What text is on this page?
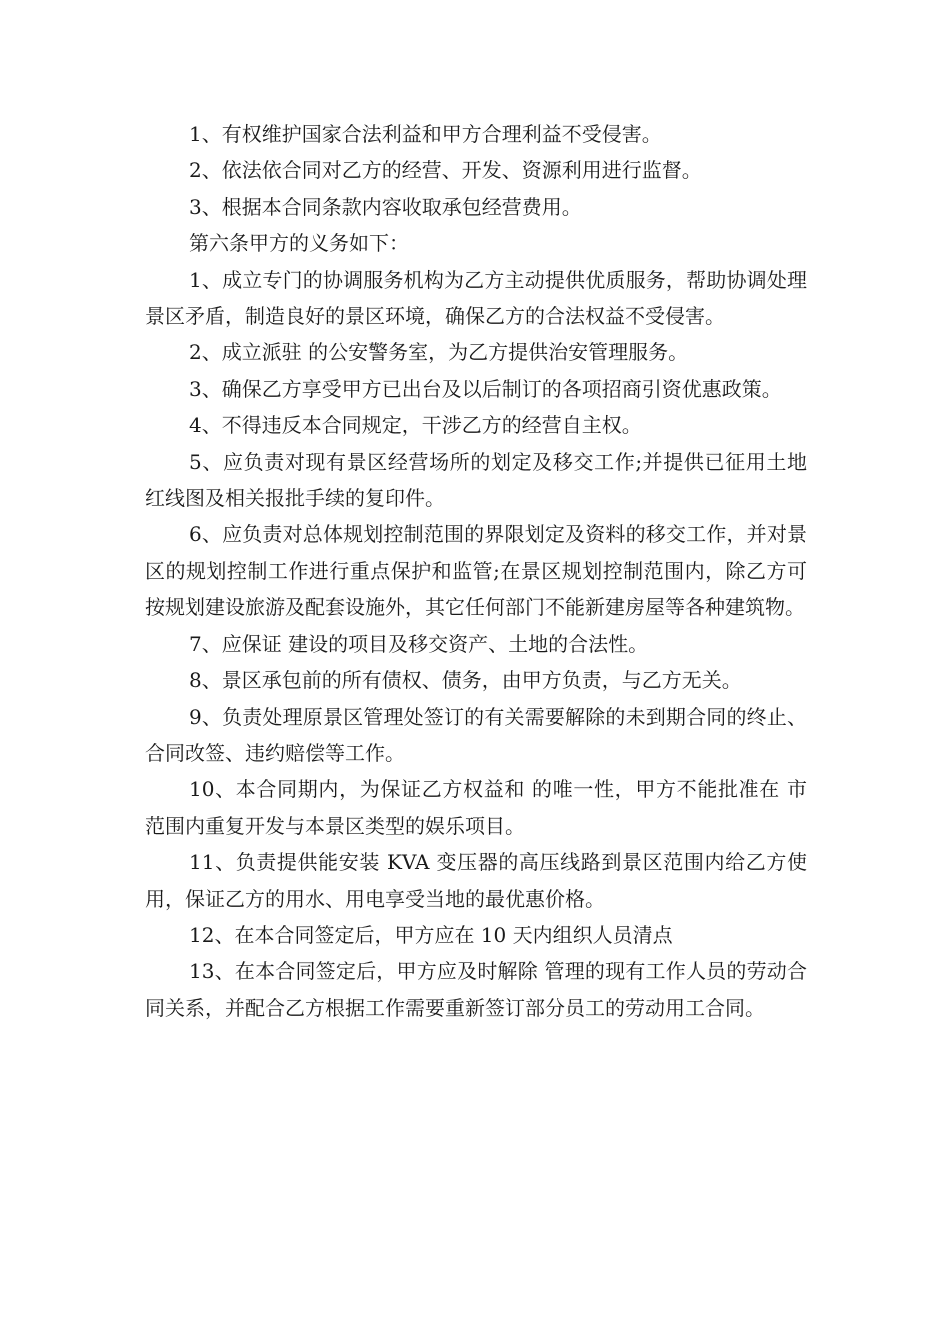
1、有权维护国家合法利益和甲方合理利益不受侵害。

2、依法依合同对乙方的经营、开发、资源利用进行监督。

3、根据本合同条款内容收取承包经营费用。

第六条甲方的义务如下：

1、成立专门的协调服务机构为乙方主动提供优质服务，帮助协调处理景区矛盾，制造良好的景区环境，确保乙方的合法权益不受侵害。

2、成立派驻 的公安警务室，为乙方提供治安管理服务。

3、确保乙方享受甲方已出台及以后制订的各项招商引资优惠政策。

4、不得违反本合同规定，干涉乙方的经营自主权。

5、应负责对现有景区经营场所的划定及移交工作;并提供已征用土地红线图及相关报批手续的复印件。

6、应负责对总体规划控制范围的界限划定及资料的移交工作，并对景区的规划控制工作进行重点保护和监管;在景区规划控制范围内，除乙方可按规划建设旅游及配套设施外，其它任何部门不能新建房屋等各种建筑物。

7、应保证 建设的项目及移交资产、土地的合法性。

8、景区承包前的所有债权、债务，由甲方负责，与乙方无关。

9、负责处理原景区管理处签订的有关需要解除的未到期合同的终止、合同改签、违约赔偿等工作。

10、本合同期内，为保证乙方权益和 的唯一性，甲方不能批准在 市范围内重复开发与本景区类型的娱乐项目。

11、负责提供能安装 KVA 变压器的高压线路到景区范围内给乙方使用，保证乙方的用水、用电享受当地的最优惠价格。

12、在本合同签定后，甲方应在 10 天内组织人员清点

13、在本合同签定后，甲方应及时解除 管理的现有工作人员的劳动合同关系，并配合乙方根据工作需要重新签订部分员工的劳动用工合同。
